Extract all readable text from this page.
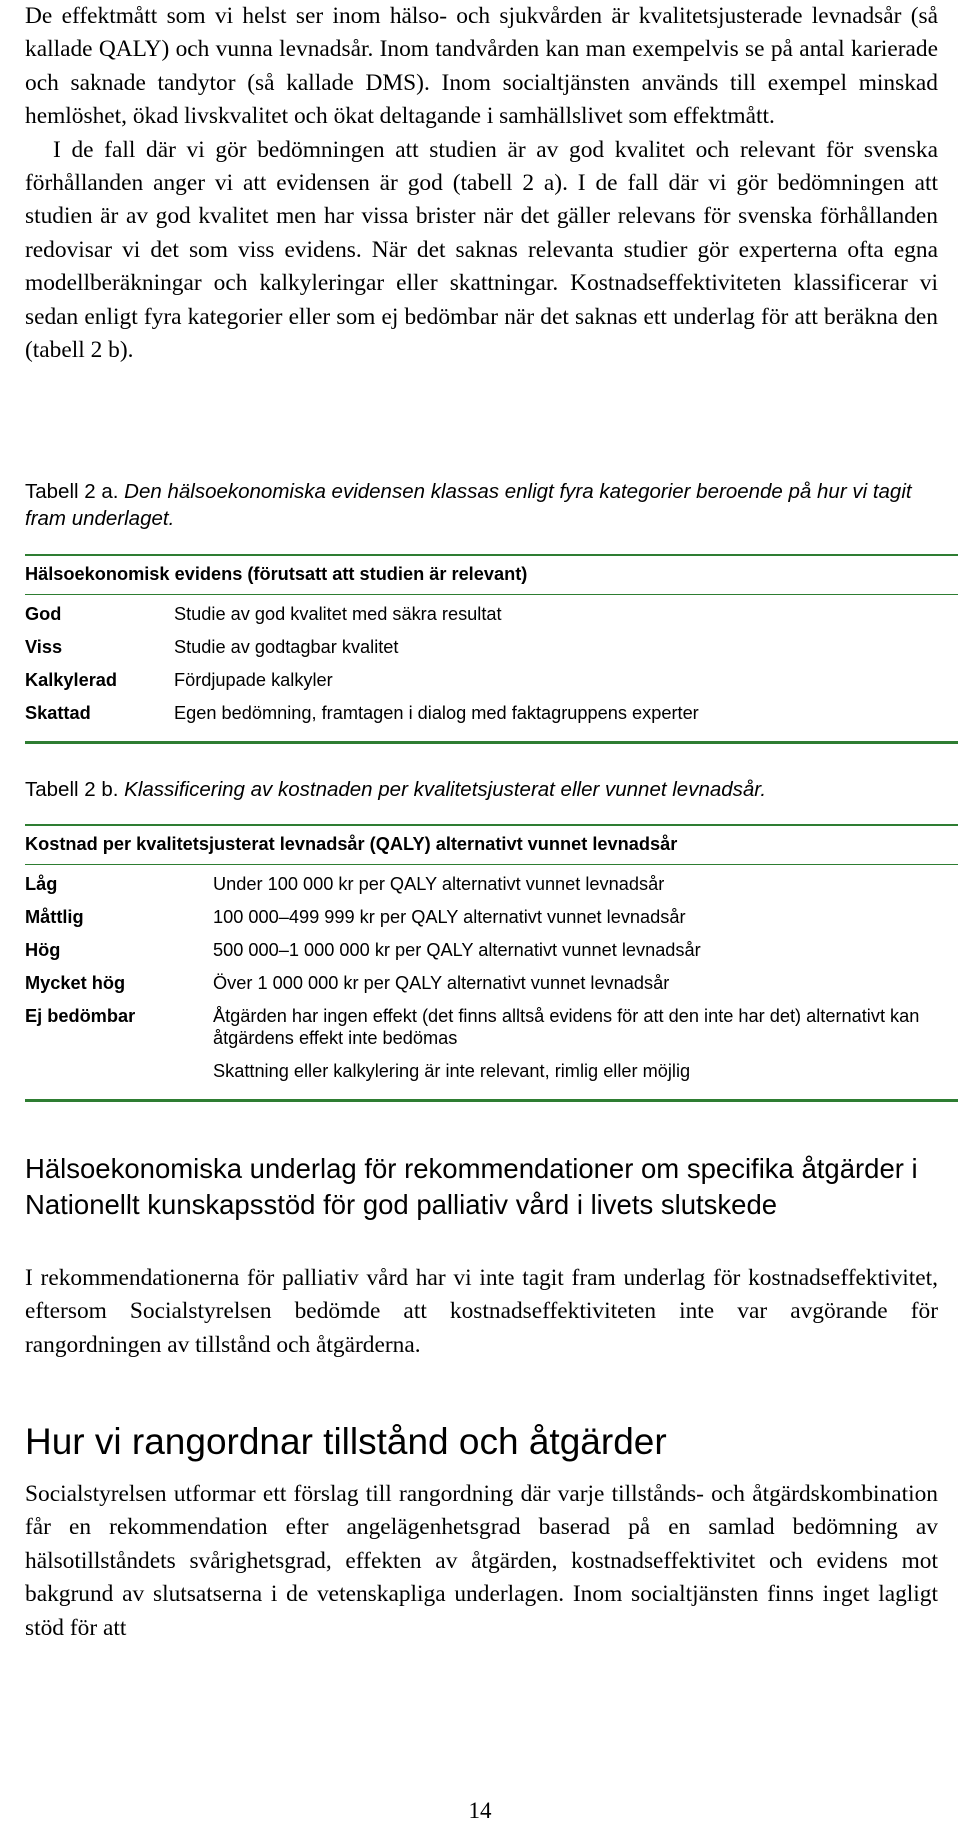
De effektmått som vi helst ser inom hälso- och sjukvården är kvalitetsjusterade levnadsår (så kallade QALY) och vunna levnadsår. Inom tandvården kan man exempelvis se på antal karierade och saknade tandytor (så kallade DMS). Inom socialtjänsten används till exempel minskad hemlöshet, ökad livskvalitet och ökat deltagande i samhällslivet som effektmått.

I de fall där vi gör bedömningen att studien är av god kvalitet och relevant för svenska förhållanden anger vi att evidensen är god (tabell 2 a). I de fall där vi gör bedömningen att studien är av god kvalitet men har vissa brister när det gäller relevans för svenska förhållanden redovisar vi det som viss evidens. När det saknas relevanta studier gör experterna ofta egna modellberäkningar och kalkyleringar eller skattningar. Kostnadseffektiviteten klassificerar vi sedan enligt fyra kategorier eller som ej bedömbar när det saknas ett underlag för att beräkna den (tabell 2 b).

Tabell 2 a. Den hälsoekonomiska evidensen klassas enligt fyra kategorier beroende på hur vi tagit fram underlaget.

Hälsoekonomisk evidens (förutsatt att studien är relevant)
God	Studie av god kvalitet med säkra resultat
Viss	Studie av godtagbar kvalitet
Kalkylerad	Fördjupade kalkyler
Skattad	Egen bedömning, framtagen i dialog med faktagruppens experter

Tabell 2 b. Klassificering av kostnaden per kvalitetsjusterat eller vunnet levnadsår.

Kostnad per kvalitetsjusterat levnadsår (QALY) alternativt vunnet levnadsår
Låg	Under 100 000 kr per QALY alternativt vunnet levnadsår
Måttlig	100 000–499 999 kr per QALY alternativt vunnet levnadsår
Hög	500 000–1 000 000 kr per QALY alternativt vunnet levnadsår
Mycket hög	Över 1 000 000 kr per QALY alternativt vunnet levnadsår
Ej bedömbar	Åtgärden har ingen effekt (det finns alltså evidens för att den inte har det) alternativt kan åtgärdens effekt inte bedömas
Skattning eller kalkylering är inte relevant, rimlig eller möjlig
Hälsoekonomiska underlag för rekommendationer om specifika åtgärder i Nationellt kunskapsstöd för god palliativ vård i livets slutskede

I rekommendationerna för palliativ vård har vi inte tagit fram underlag för kostnadseffektivitet, eftersom Socialstyrelsen bedömde att kostnadseffektiviteten inte var avgörande för rangordningen av tillstånd och åtgärderna.

Hur vi rangordnar tillstånd och åtgärder

Socialstyrelsen utformar ett förslag till rangordning där varje tillstånds- och åtgärdskombination får en rekommendation efter angelägenhetsgrad baserad på en samlad bedömning av hälsotillståndets svårighetsgrad, effekten av åtgärden, kostnadseffektivitet och evidens mot bakgrund av slutsatserna i de vetenskapliga underlagen. Inom socialtjänsten finns inget lagligt stöd för att

14
